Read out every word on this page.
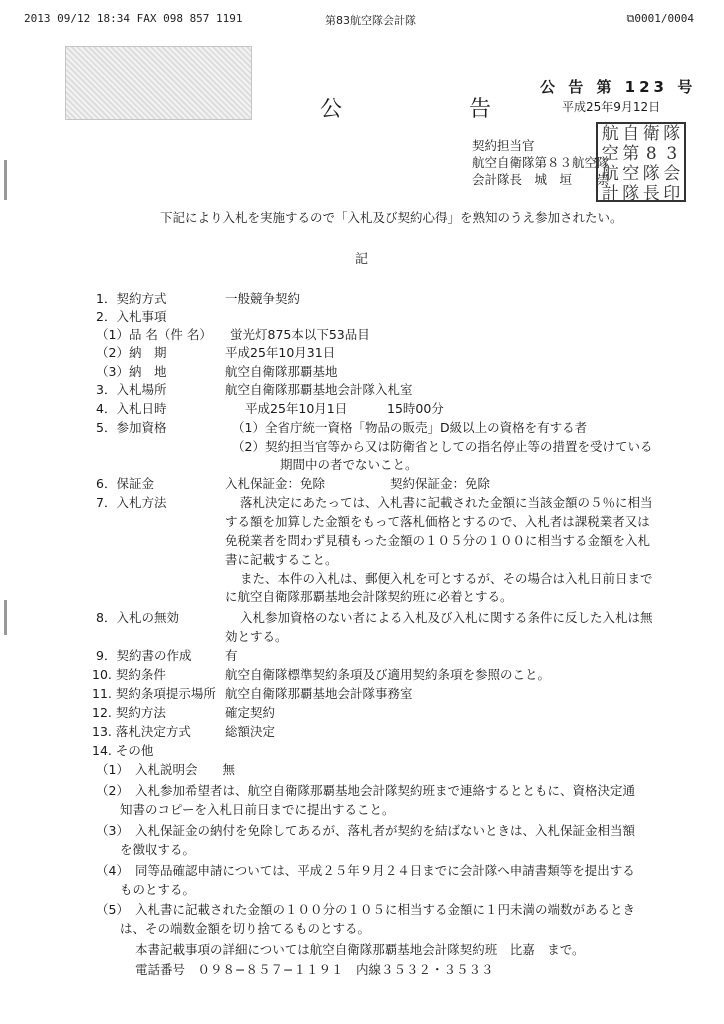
2013 09/12 18:34 FAX 098 857 1191	第83航空隊会計隊	⧉0001/0004
公 告 第 123 号
公 告 平成25年9月12日
契約担当官
航空自衛隊第８３航空隊
会計隊長　城　垣　　崇
航 自 衛 隊
空 第 8 3
航 空 隊 会
計 隊 長 印
下記により入札を実施するので「入札及び契約心得」を熟知のうえ参加されたい。
記
1．契約方式	一般競争契約
2．入札事項
（1）品 名（件 名） 蛍光灯875本以下53品目
（2）納　期	平成25年10月31日
（3）納　地	航空自衛隊那覇基地
3．入札場所	航空自衛隊那覇基地会計隊入札室
4．入札日時	平成25年10月1日	15時00分
5．参加資格	（1）全省庁統一資格「物品の販売」D級以上の資格を有する者
（2）契約担当官等から又は防衛省としての指名停止等の措置を受けている
期間中の者でないこと。
6．保証金	入札保証金：免除	契約保証金：免除
7．入札方法	落札決定にあたっては、入札書に記載された金額に当該金額の５％に相当
する額を加算した金額をもって落札価格とするので、入札者は課税業者又は
免税業者を問わず見積もった金額の１０５分の１００に相当する金額を入札
書に記載すること。
また、本件の入札は、郵便入札を可とするが、その場合は入札日前日まで
に航空自衛隊那覇基地会計隊契約班に必着とする。
8．入札の無効	入札参加資格のない者による入札及び入札に関する条件に反した入札は無
効とする。
9．契約書の作成	有
10. 契約条件	航空自衛隊標準契約条項及び適用契約条項を参照のこと。
11. 契約条項提示場所 航空自衛隊那覇基地会計隊事務室
12. 契約方法	確定契約
13. 落札決定方式	総額決定
14. その他
（1） 入札説明会　　無
（2） 入札参加希望者は、航空自衛隊那覇基地会計隊契約班まで連絡するとともに、資格決定通
知書のコピーを入札日前日までに提出すること。
（3） 入札保証金の納付を免除してあるが、落札者が契約を結ばないときは、入札保証金相当額
を徴収する。
（4） 同等品確認申請については、平成２５年９月２４日までに会計隊へ申請書類等を提出する
ものとする。
（5） 入札書に記載された金額の１００分の１０５に相当する金額に１円未満の端数があるとき
は、その端数金額を切り捨てるものとする。
本書記載事項の詳細については航空自衛隊那覇基地会計隊契約班　比嘉　まで。
電話番号　０９８−８５７−１１９１　内線３５３２・３５３３
